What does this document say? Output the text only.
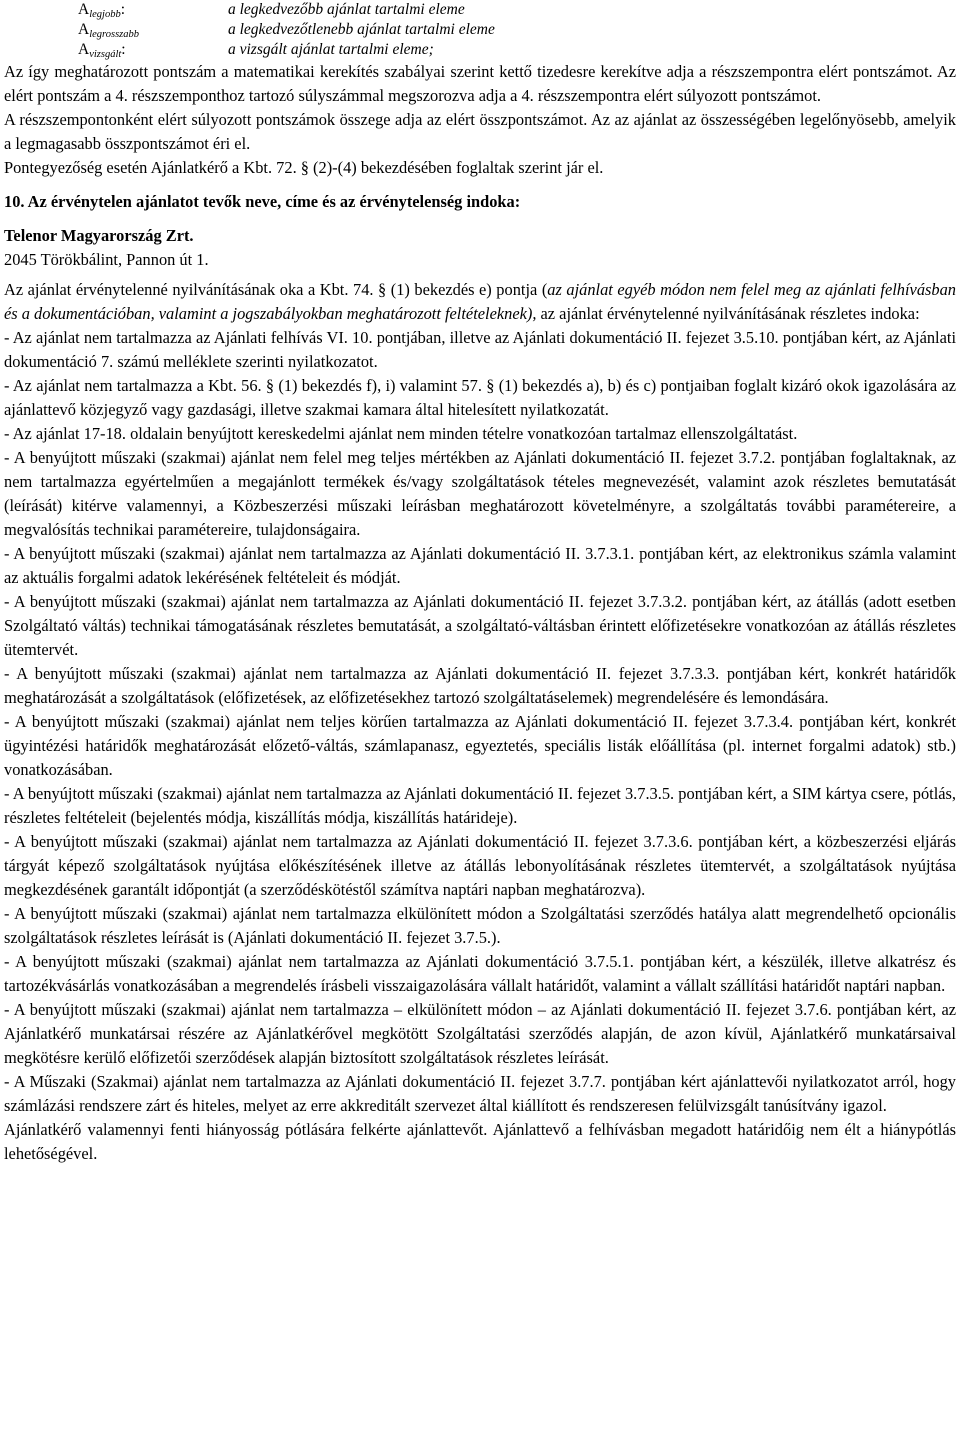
$A_{legjobb}$:	a legkedvezőbb ajánlat tartalmi eleme
$A_{legrosszabb}$	a legkedvezőtlenebb ajánlat tartalmi eleme
$A_{vizsgált}$:	a vizsgált ajánlat tartalmi eleme;

Az így meghatározott pontszám a matematikai kerekítés szabályai szerint kettő tizedesre kerekítve adja a részszempontra elért pontszámot. Az elért pontszám a 4. részszemponthoz tartozó súlyszámmal megszorozva adja a 4. részszempontra elért súlyozott pontszámot.

A részszempontonként elért súlyozott pontszámok összege adja az elért összpontszámot. Az az ajánlat az összességében legelőnyösebb, amelyik a legmagasabb összpontszámot éri el.

Pontegyezőség esetén Ajánlatkérő a Kbt. 72. § (2)-(4) bekezdésében foglaltak szerint jár el.

10. Az érvénytelen ajánlatot tevők neve, címe és az érvénytelenség indoka:

Telenor Magyarország Zrt.

2045 Törökbálint, Pannon út 1.

Az ajánlat érvénytelenné nyilvánításának oka a Kbt. 74. § (1) bekezdés e) pontja (az ajánlat egyéb módon nem felel meg az ajánlati felhívásban és a dokumentációban, valamint a jogszabályokban meghatározott feltételeknek), az ajánlat érvénytelenné nyilvánításának részletes indoka:

- Az ajánlat nem tartalmazza az Ajánlati felhívás VI. 10. pontjában, illetve az Ajánlati dokumentáció II. fejezet 3.5.10. pontjában kért, az Ajánlati dokumentáció 7. számú melléklete szerinti nyilatkozatot.

- Az ajánlat nem tartalmazza a Kbt. 56. § (1) bekezdés f), i) valamint 57. § (1) bekezdés a), b) és c) pontjaiban foglalt kizáró okok igazolására az ajánlattevő közjegyző vagy gazdasági, illetve szakmai kamara által hitelesített nyilatkozatát.

- Az ajánlat 17-18. oldalain benyújtott kereskedelmi ajánlat nem minden tételre vonatkozóan tartalmaz ellenszolgáltatást.

- A benyújtott műszaki (szakmai) ajánlat nem felel meg teljes mértékben az Ajánlati dokumentáció II. fejezet 3.7.2. pontjában foglaltaknak, az nem tartalmazza egyértelműen a megajánlott termékek és/vagy szolgáltatások tételes megnevezését, valamint azok részletes bemutatását (leírását) kitérve valamennyi, a Közbeszerzési műszaki leírásban meghatározott követelményre, a szolgáltatás további paramétereire, a megvalósítás technikai paramétereire, tulajdonságaira.

- A benyújtott műszaki (szakmai) ajánlat nem tartalmazza az Ajánlati dokumentáció II. 3.7.3.1. pontjában kért, az elektronikus számla valamint az aktuális forgalmi adatok lekérésének feltételeit és módját.

- A benyújtott műszaki (szakmai) ajánlat nem tartalmazza az Ajánlati dokumentáció II. fejezet 3.7.3.2. pontjában kért, az átállás (adott esetben Szolgáltató váltás) technikai támogatásának részletes bemutatását, a szolgáltató-váltásban érintett előfizetésekre vonatkozóan az átállás részletes ütemtervét.

- A benyújtott műszaki (szakmai) ajánlat nem tartalmazza az Ajánlati dokumentáció II. fejezet 3.7.3.3. pontjában kért, konkrét határidők meghatározását a szolgáltatások (előfizetések, az előfizetésekhez tartozó szolgáltatáselemek) megrendelésére és lemondására.

- A benyújtott műszaki (szakmai) ajánlat nem teljes körűen tartalmazza az Ajánlati dokumentáció II. fejezet 3.7.3.4. pontjában kért, konkrét ügyintézési határidők meghatározását előzető-váltás, számlapanasz, egyeztetés, speciális listák előállítása (pl. internet forgalmi adatok) stb.) vonatkozásában.

- A benyújtott műszaki (szakmai) ajánlat nem tartalmazza az Ajánlati dokumentáció II. fejezet 3.7.3.5. pontjában kért, a SIM kártya csere, pótlás, részletes feltételeit (bejelentés módja, kiszállítás módja, kiszállítás határideje).

- A benyújtott műszaki (szakmai) ajánlat nem tartalmazza az Ajánlati dokumentáció II. fejezet 3.7.3.6. pontjában kért, a közbeszerzési eljárás tárgyát képező szolgáltatások nyújtása előkészítésének illetve az átállás lebonyolításának részletes ütemtervét, a szolgáltatások nyújtása megkezdésének garantált időpontját (a szerződéskötéstől számítva naptári napban meghatározva).

- A benyújtott műszaki (szakmai) ajánlat nem tartalmazza elkülönített módon a Szolgáltatási szerződés hatálya alatt megrendelhető opcionális szolgáltatások részletes leírását is (Ajánlati dokumentáció II. fejezet 3.7.5.).

- A benyújtott műszaki (szakmai) ajánlat nem tartalmazza az Ajánlati dokumentáció 3.7.5.1. pontjában kért, a készülék, illetve alkatrész és tartozékvásárlás vonatkozásában a megrendelés írásbeli visszaigazolására vállalt határidőt, valamint a vállalt szállítási határidőt naptári napban.

- A benyújtott műszaki (szakmai) ajánlat nem tartalmazza – elkülönített módon – az Ajánlati dokumentáció II. fejezet 3.7.6. pontjában kért, az Ajánlatkérő munkatársai részére az Ajánlatkérővel megkötött Szolgáltatási szerződés alapján, de azon kívül, Ajánlatkérő munkatársaival megkötésre kerülő előfizetői szerződések alapján biztosított szolgáltatások részletes leírását.

- A Műszaki (Szakmai) ajánlat nem tartalmazza az Ajánlati dokumentáció II. fejezet 3.7.7. pontjában kért ajánlattevői nyilatkozatot arról, hogy számlázási rendszere zárt és hiteles, melyet az erre akkreditált szervezet által kiállított és rendszeresen felülvizsgált tanúsítvány igazol.

Ajánlatkérő valamennyi fenti hiányosság pótlására felkérte ajánlattevőt. Ajánlattevő a felhívásban megadott határidőig nem élt a hiánypótlás lehetőségével.
